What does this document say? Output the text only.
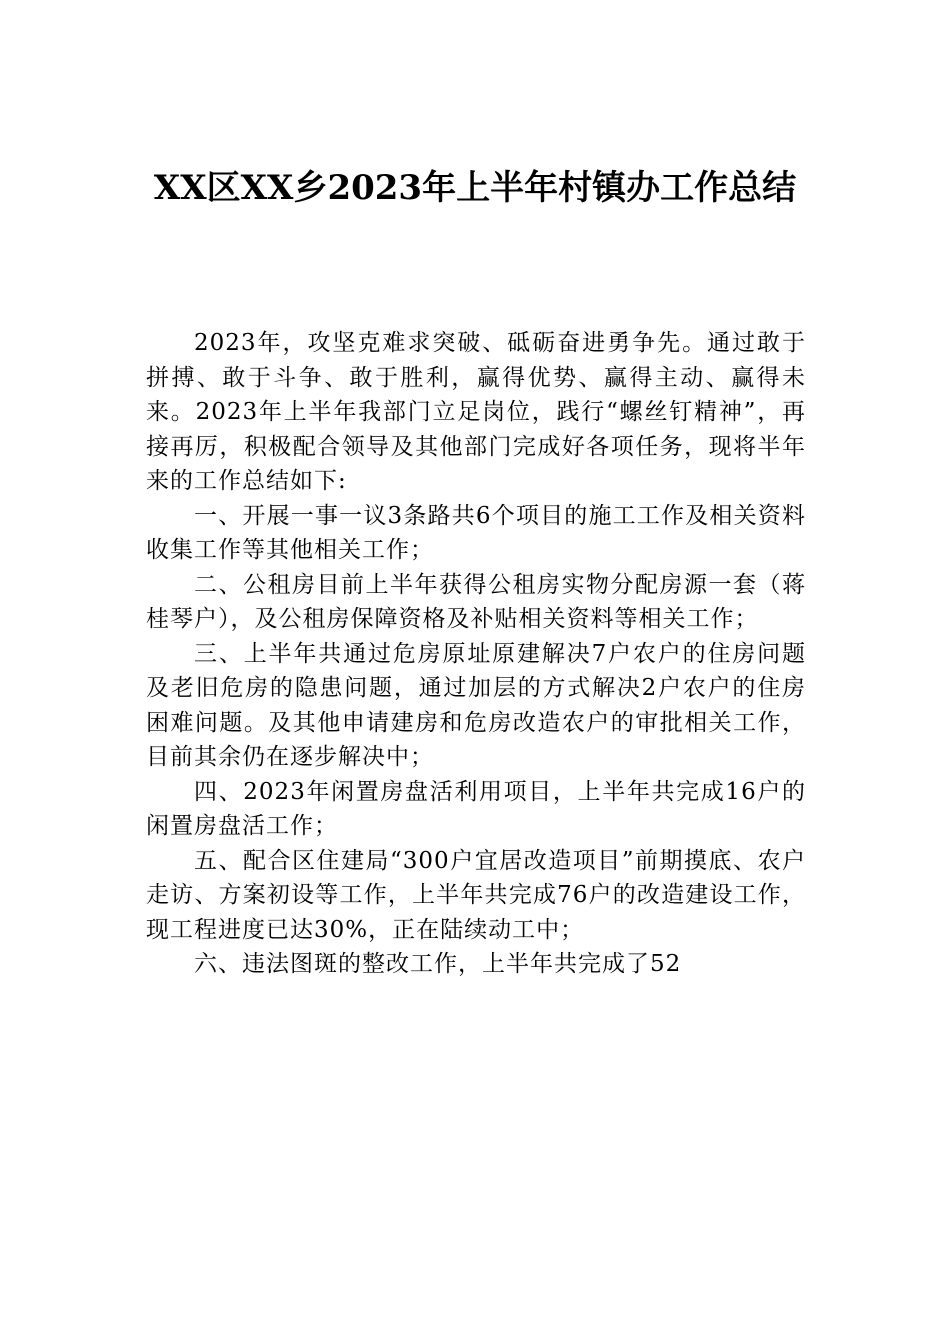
XX区XX乡2023年上半年村镇办工作总结

2023年，攻坚克难求突破、砥砺奋进勇争先。通过敢于拼搏、敢于斗争、敢于胜利，赢得优势、赢得主动、赢得未来。2023年上半年我部门立足岗位，践行“螺丝钉精神”，再接再厉，积极配合领导及其他部门完成好各项任务，现将半年来的工作总结如下:

一、开展一事一议3条路共6个项目的施工工作及相关资料收集工作等其他相关工作；

二、公租房目前上半年获得公租房实物分配房源一套（蒋桂琴户），及公租房保障资格及补贴相关资料等相关工作；

三、上半年共通过危房原址原建解决7户农户的住房问题及老旧危房的隐患问题，通过加层的方式解决2户农户的住房困难问题。及其他申请建房和危房改造农户的审批相关工作，目前其余仍在逐步解决中；

四、2023年闲置房盘活利用项目，上半年共完成16户的闲置房盘活工作；

五、配合区住建局“300户宜居改造项目”前期摸底、农户走访、方案初设等工作，上半年共完成76户的改造建设工作，现工程进度已达30%，正在陆续动工中；

六、违法图斑的整改工作，上半年共完成了52
